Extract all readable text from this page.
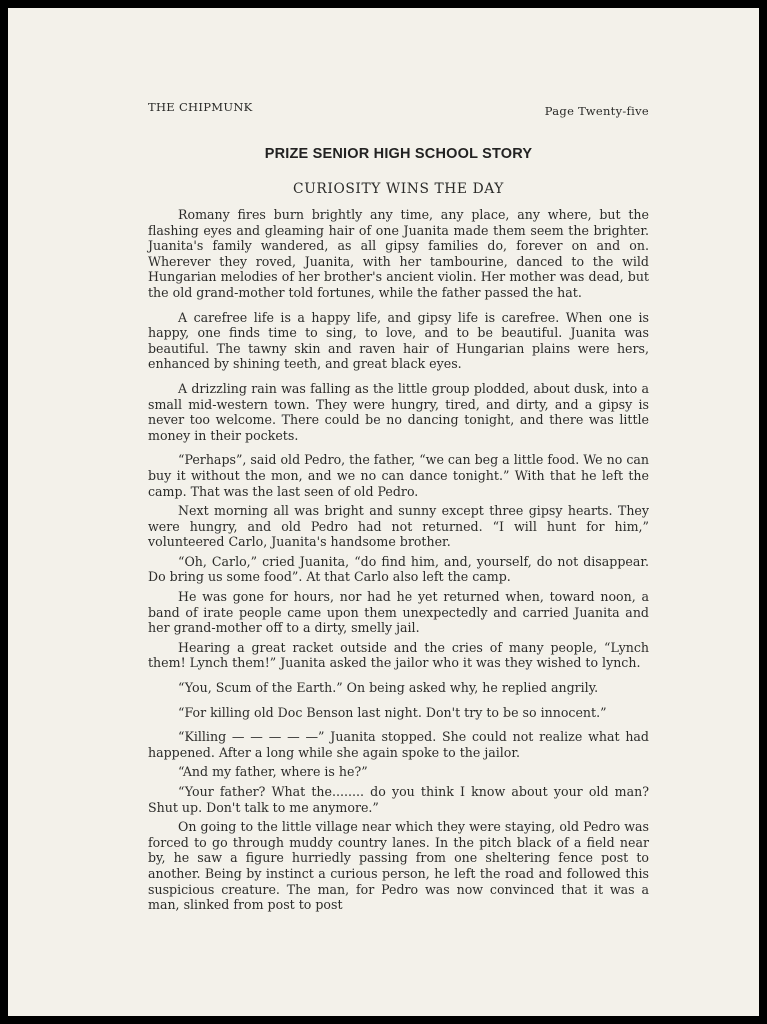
THE CHIPMUNK	Page Twenty-five
PRIZE SENIOR HIGH SCHOOL STORY
CURIOSITY WINS THE DAY

Romany fires burn brightly any time, any place, any where, but the flashing eyes and gleaming hair of one Juanita made them seem the brighter. Juanita's family wandered, as all gipsy families do, forever on and on. Wherever they roved, Juanita, with her tambourine, danced to the wild Hungarian melodies of her brother's ancient violin. Her mother was dead, but the old grand-mother told fortunes, while the father passed the hat.

A carefree life is a happy life, and gipsy life is carefree. When one is happy, one finds time to sing, to love, and to be beautiful. Juanita was beautiful. The tawny skin and raven hair of Hungarian plains were hers, enhanced by shining teeth, and great black eyes.

A drizzling rain was falling as the little group plodded, about dusk, into a small mid-western town. They were hungry, tired, and dirty, and a gipsy is never too welcome. There could be no dancing tonight, and there was little money in their pockets.

“Perhaps”, said old Pedro, the father, “we can beg a little food. We no can buy it without the mon, and we no can dance tonight.” With that he left the camp. That was the last seen of old Pedro.

Next morning all was bright and sunny except three gipsy hearts. They were hungry, and old Pedro had not returned. “I will hunt for him,” volunteered Carlo, Juanita's handsome brother.

“Oh, Carlo,” cried Juanita, “do find him, and, yourself, do not disappear. Do bring us some food”. At that Carlo also left the camp.

He was gone for hours, nor had he yet returned when, toward noon, a band of irate people came upon them unexpectedly and carried Juanita and her grand-mother off to a dirty, smelly jail.

Hearing a great racket outside and the cries of many people, “Lynch them! Lynch them!” Juanita asked the jailor who it was they wished to lynch.

“You, Scum of the Earth.” On being asked why, he replied angrily.

“For killing old Doc Benson last night. Don't try to be so innocent.”

“Killing — — — — —” Juanita stopped. She could not realize what had happened. After a long while she again spoke to the jailor.

“And my father, where is he?”

“Your father? What the........ do you think I know about your old man? Shut up. Don't talk to me anymore.”

On going to the little village near which they were staying, old Pedro was forced to go through muddy country lanes. In the pitch black of a field near by, he saw a figure hurriedly passing from one sheltering fence post to another. Being by instinct a curious person, he left the road and followed this suspicious creature. The man, for Pedro was now convinced that it was a man, slinked from post to post
